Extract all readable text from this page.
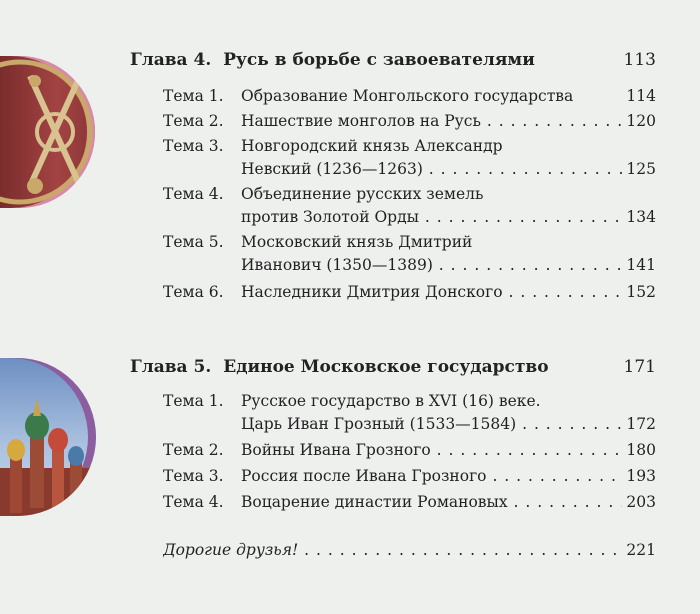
Глава 4. Русь в борьбе с завоевателями	113
Тема 1.	Образование Монгольского государства	114
Тема 2.	Нашествие монголов на Русь . . .	120
Тема 3.	Новгородский князь Александр
Невский (1236—1263) . . .	125
Тема 4.	Объединение русских земель
против Золотой Орды . . .	134
Тема 5.	Московский князь Дмитрий
Иванович (1350—1389) . . .	141
Тема 6.	Наследники Дмитрия Донского . . .	152
Глава 5. Единое Московское государство	171
Тема 1.	Русское государство в XVI (16) веке.
Царь Иван Грозный (1533—1584) . . .	172
Тема 2.	Войны Ивана Грозного . . .	180
Тема 3.	Россия после Ивана Грозного . . .	193
Тема 4.	Воцарение династии Романовых . . .	203
Дорогие друзья! . . .	221
